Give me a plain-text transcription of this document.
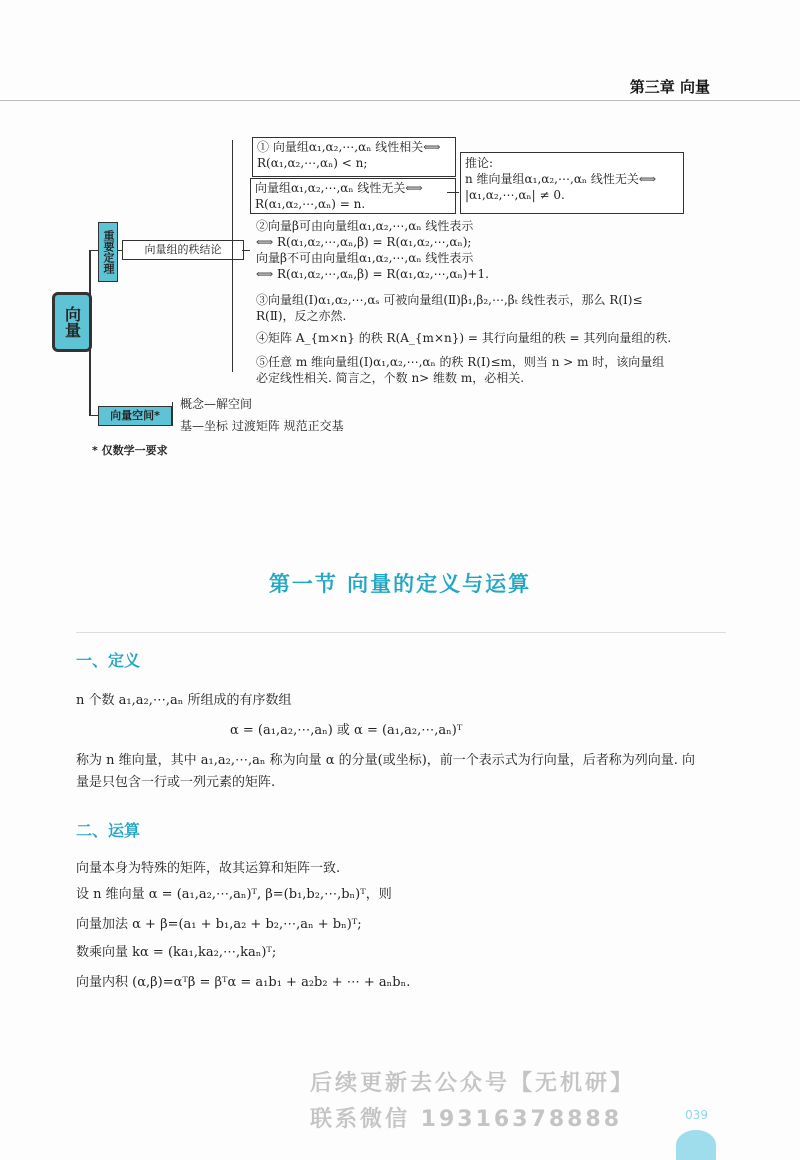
第三章 向量
向量
重要定理	向量组的秩结论
① 向量组α₁,α₂,⋯,αₙ 线性相关⟺ R(α₁,α₂,⋯,αₙ) < n;
向量组α₁,α₂,⋯,αₙ 线性无关⟺ R(α₁,α₂,⋯,αₙ) = n.
推论:
n 维向量组α₁,α₂,⋯,αₙ 线性无关⟺
|α₁,α₂,⋯,αₙ| ≠ 0.
②向量β可由向量组α₁,α₂,⋯,αₙ 线性表示
⟺ R(α₁,α₂,⋯,αₙ,β) = R(α₁,α₂,⋯,αₙ);
向量β不可由向量组α₁,α₂,⋯,αₙ 线性表示
⟺ R(α₁,α₂,⋯,αₙ,β) = R(α₁,α₂,⋯,αₙ)+1.
③向量组(Ⅰ)α₁,α₂,⋯,αₛ 可被向量组(Ⅱ)β₁,β₂,⋯,βₜ 线性表示，那么 R(Ⅰ)≤
R(Ⅱ)，反之亦然.
④矩阵 A_{m×n} 的秩 R(A_{m×n}) = 其行向量组的秩 = 其列向量组的秩.
⑤任意 m 维向量组(Ⅰ)α₁,α₂,⋯,αₙ 的秩 R(Ⅰ)≤m，则当 n > m 时，该向量组
必定线性相关. 简言之，个数 n> 维数 m，必相关.
向量空间*
概念—解空间
基—坐标 过渡矩阵 规范正交基
* 仅数学一要求
第一节 向量的定义与运算
一、定义
n 个数 a₁,a₂,⋯,aₙ 所组成的有序数组
α = (a₁,a₂,⋯,aₙ) 或 α = (a₁,a₂,⋯,aₙ)ᵀ
称为 n 维向量，其中 a₁,a₂,⋯,aₙ 称为向量 α 的分量(或坐标)，前一个表示式为行向量，后者称为列向量. 向
量是只包含一行或一列元素的矩阵.
二、运算
向量本身为特殊的矩阵，故其运算和矩阵一致.
设 n 维向量 α = (a₁,a₂,⋯,aₙ)ᵀ, β=(b₁,b₂,⋯,bₙ)ᵀ，则
向量加法 α + β=(a₁ + b₁,a₂ + b₂,⋯,aₙ + bₙ)ᵀ;
数乘向量 kα = (ka₁,ka₂,⋯,kaₙ)ᵀ;
向量内积 (α,β)=αᵀβ = βᵀα = a₁b₁ + a₂b₂ + ⋯ + aₙbₙ.
后续更新去公众号【无机研】
联系微信 19316378888	039
